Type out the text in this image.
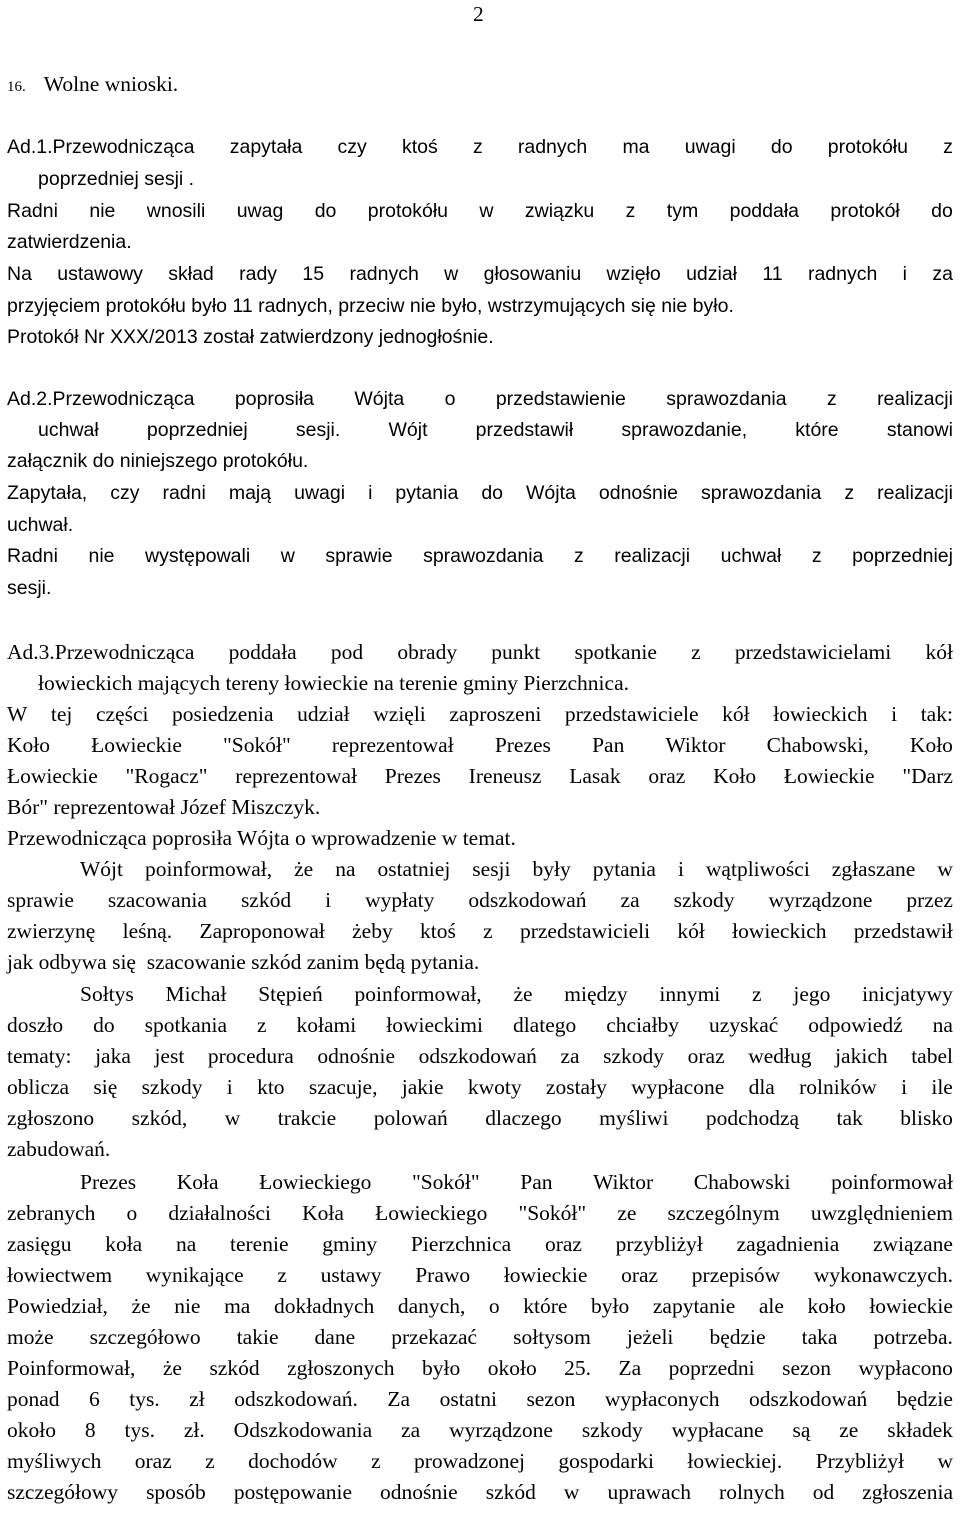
2
16. Wolne wnioski.
Ad.1.Przewodnicząca zapytała czy ktoś z radnych ma uwagi do protokółu z
poprzedniej sesji .
Radni nie wnosili uwag do protokółu w związku z tym poddała protokół do
zatwierdzenia.
Na ustawowy skład rady 15 radnych w głosowaniu wzięło udział 11 radnych i za
przyjęciem protokółu było 11 radnych, przeciw nie było, wstrzymujących się nie było.
Protokół Nr XXX/2013 został zatwierdzony jednogłośnie.
Ad.2.Przewodnicząca poprosiła Wójta o przedstawienie sprawozdania z realizacji
uchwał poprzedniej sesji. Wójt przedstawił sprawozdanie, które stanowi
załącznik do niniejszego protokółu.
Zapytała, czy radni mają uwagi i pytania do Wójta odnośnie sprawozdania z realizacji
uchwał.
Radni nie występowali w sprawie sprawozdania z realizacji uchwał z poprzedniej
sesji.
Ad.3.Przewodnicząca poddała pod obrady punkt spotkanie z przedstawicielami kół
łowieckich mających tereny łowieckie na terenie gminy Pierzchnica.
W tej części posiedzenia udział wzięli zaproszeni przedstawiciele kół łowieckich i tak:
Koło Łowieckie "Sokół" reprezentował Prezes Pan Wiktor Chabowski, Koło
Łowieckie "Rogacz" reprezentował Prezes Ireneusz Lasak oraz Koło Łowieckie "Darz
Bór" reprezentował Józef Miszczyk.
Przewodnicząca poprosiła Wójta o wprowadzenie w temat.
Wójt poinformował, że na ostatniej sesji były pytania i wątpliwości zgłaszane w
sprawie szacowania szkód i wypłaty odszkodowań za szkody wyrządzone przez
zwierzynę leśną. Zaproponował żeby ktoś z przedstawicieli kół łowieckich przedstawił
jak odbywa się  szacowanie szkód zanim będą pytania.
Sołtys Michał Stępień poinformował, że między innymi z jego inicjatywy
doszło do spotkania z kołami łowieckimi dlatego chciałby uzyskać odpowiedź na
tematy: jaka jest procedura odnośnie odszkodowań za szkody oraz według jakich tabel
oblicza się szkody i kto szacuje, jakie kwoty zostały wypłacone dla rolników i ile
zgłoszono szkód, w trakcie polowań dlaczego myśliwi podchodzą tak blisko
zabudowań.
Prezes Koła Łowieckiego "Sokół" Pan Wiktor Chabowski poinformował
zebranych o działalności Koła Łowieckiego "Sokół" ze szczególnym uwzględnieniem
zasięgu koła na terenie gminy Pierzchnica oraz przybliżył zagadnienia związane
łowiectwem wynikające z ustawy Prawo łowieckie oraz przepisów wykonawczych.
Powiedział, że nie ma dokładnych danych, o które było zapytanie ale koło łowieckie
może szczegółowo takie dane przekazać sołtysom jeżeli będzie taka potrzeba.
Poinformował, że szkód zgłoszonych było około 25. Za poprzedni sezon wypłacono
ponad 6 tys. zł odszkodowań. Za ostatni sezon wypłaconych odszkodowań będzie
około 8 tys. zł. Odszkodowania za wyrządzone szkody wypłacane są ze składek
myśliwych oraz z dochodów z prowadzonej gospodarki łowieckiej. Przybliżył w
szczegółowy sposób postępowanie odnośnie szkód w uprawach rolnych od zgłoszenia
